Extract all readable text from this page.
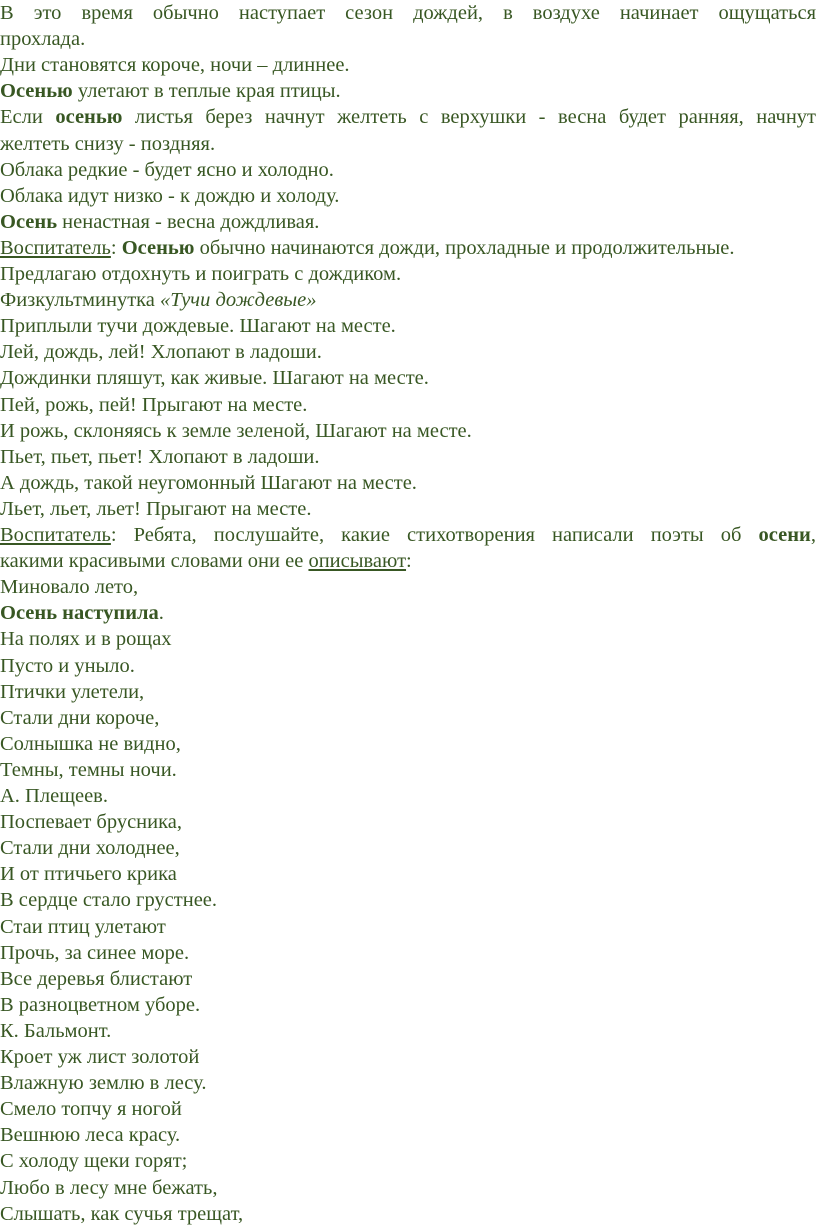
В это время обычно наступает сезон дождей, в воздухе начинает ощущаться

прохлада.

Дни становятся короче, ночи – длиннее.

Осенью улетают в теплые края птицы.

Если осенью листья берез начнут желтеть с верхушки - весна будет ранняя, начнут

желтеть снизу - поздняя.

Облака редкие - будет ясно и холодно.

Облака идут низко - к дождю и холоду.

Осень ненастная - весна дождливая.

Воспитатель: Осенью обычно начинаются дожди, прохладные и продолжительные.

Предлагаю отдохнуть и поиграть с дождиком.

Физкультминутка «Тучи дождевые»

Приплыли тучи дождевые. Шагают на месте.

Лей, дождь, лей! Хлопают в ладоши.

Дождинки пляшут, как живые. Шагают на месте.

Пей, рожь, пей! Прыгают на месте.

И рожь, склоняясь к земле зеленой, Шагают на месте.

Пьет, пьет, пьет! Хлопают в ладоши.

А дождь, такой неугомонный Шагают на месте.

Льет, льет, льет! Прыгают на месте.

Воспитатель: Ребята, послушайте, какие стихотворения написали поэты об осени,

какими красивыми словами они ее описывают:

Миновало лето,

Осень наступила.

На полях и в рощах

Пусто и уныло.

Птички улетели,

Стали дни короче,

Солнышка не видно,

Темны, темны ночи.

А. Плещеев.

Поспевает брусника,

Стали дни холоднее,

И от птичьего крика

В сердце стало грустнее.

Стаи птиц улетают

Прочь, за синее море.

Все деревья блистают

В разноцветном уборе.

К. Бальмонт.

Кроет уж лист золотой

Влажную землю в лесу.

Смело топчу я ногой

Вешнюю леса красу.

С холоду щеки горят;

Любо в лесу мне бежать,

Слышать, как сучья трещат,
